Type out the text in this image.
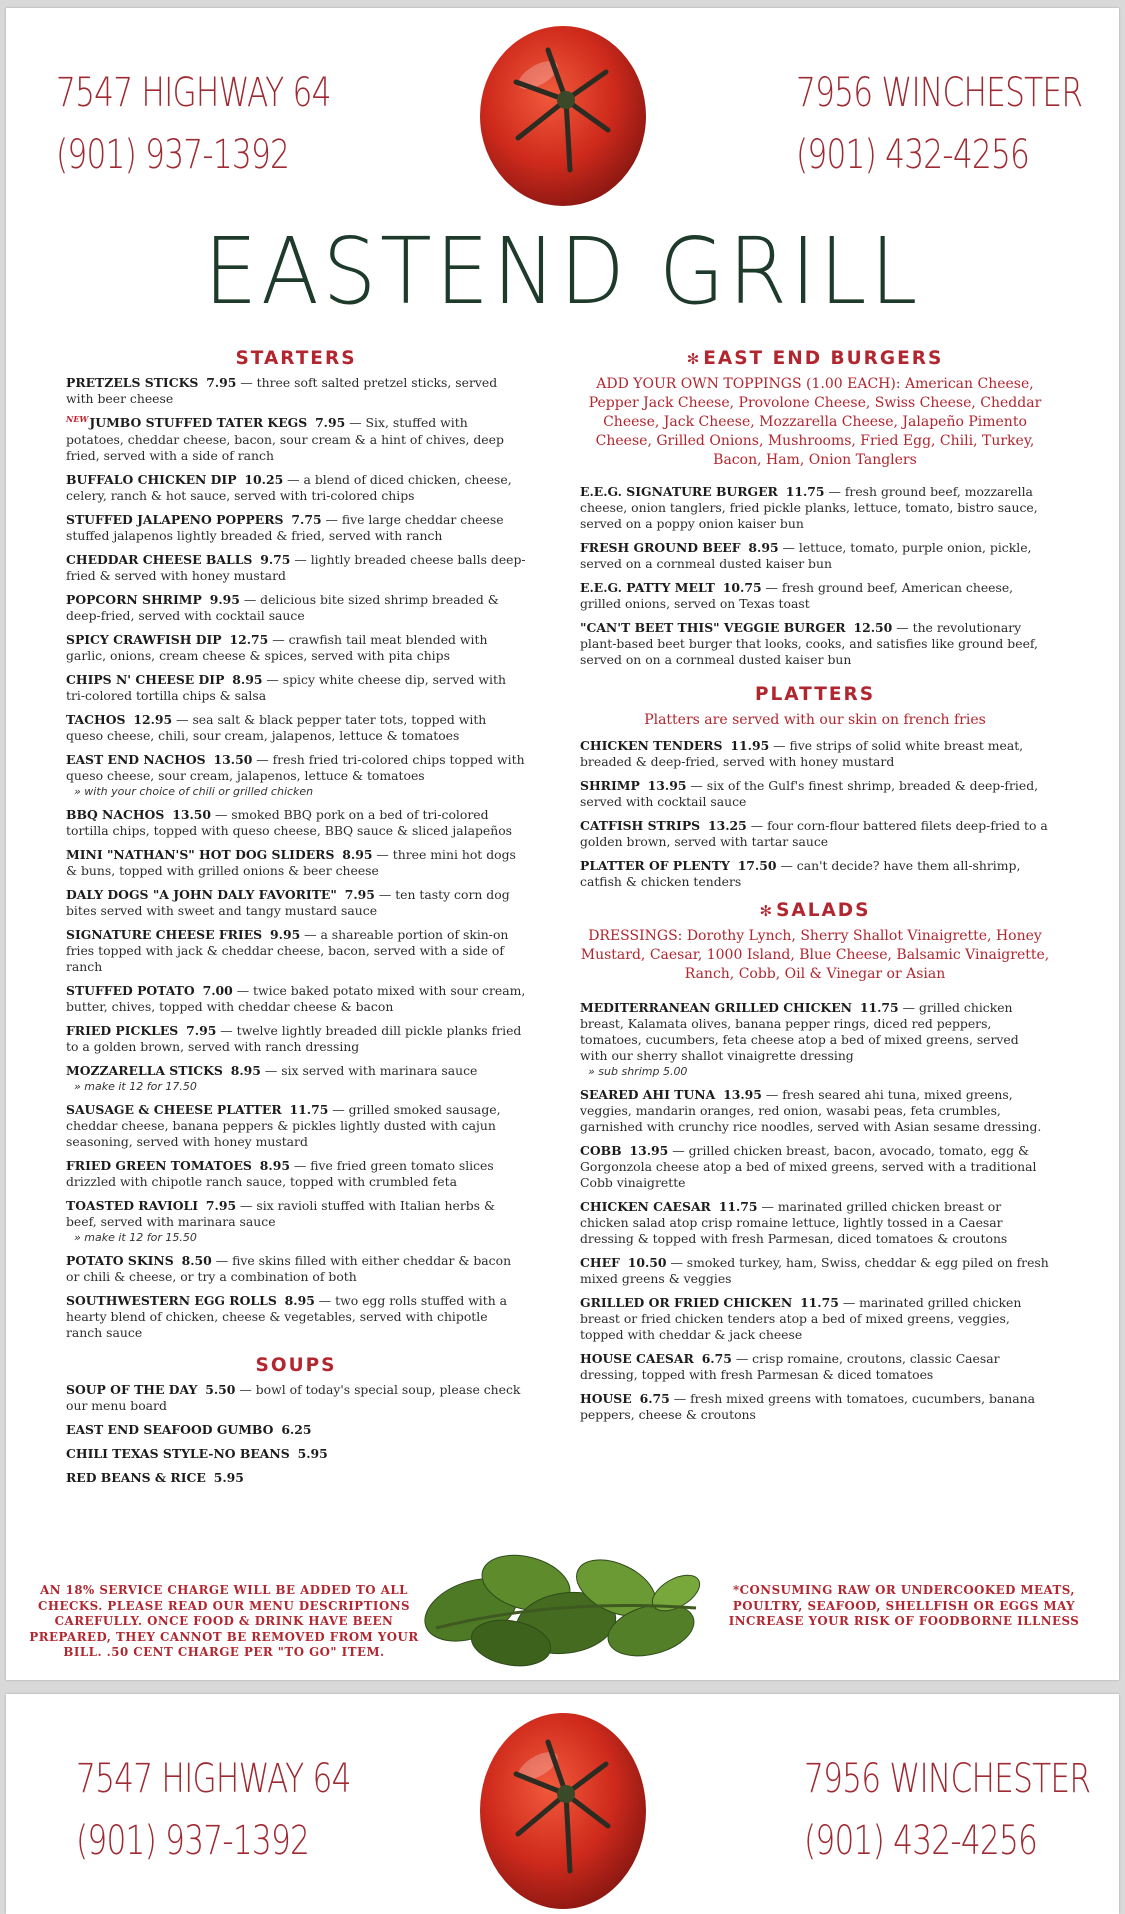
7547 HIGHWAY 64
(901) 937-1392
7956 WINCHESTER
(901) 432-4256
EASTEND GRILL
STARTERS
PRETZELS STICKS 7.95 — three soft salted pretzel sticks, served with beer cheese
$^{NEW}$JUMBO STUFFED TATER KEGS 7.95 — Six, stuffed with potatoes, cheddar cheese, bacon, sour cream & a hint of chives, deep fried, served with a side of ranch
BUFFALO CHICKEN DIP 10.25 — a blend of diced chicken, cheese, celery, ranch & hot sauce, served with tri-colored chips
STUFFED JALAPENO POPPERS 7.75 — five large cheddar cheese stuffed jalapenos lightly breaded & fried, served with ranch
CHEDDAR CHEESE BALLS 9.75 — lightly breaded cheese balls deep-fried & served with honey mustard
POPCORN SHRIMP 9.95 — delicious bite sized shrimp breaded & deep-fried, served with cocktail sauce
SPICY CRAWFISH DIP 12.75 — crawfish tail meat blended with garlic, onions, cream cheese & spices, served with pita chips
CHIPS N' CHEESE DIP 8.95 — spicy white cheese dip, served with tri-colored tortilla chips & salsa
TACHOS 12.95 — sea salt & black pepper tater tots, topped with queso cheese, chili, sour cream, jalapenos, lettuce & tomatoes
EAST END NACHOS 13.50 — fresh fried tri-colored chips topped with queso cheese, sour cream, jalapenos, lettuce & tomatoes
» with your choice of chili or grilled chicken
BBQ NACHOS 13.50 — smoked BBQ pork on a bed of tri-colored tortilla chips, topped with queso cheese, BBQ sauce & sliced jalapeños
MINI "NATHAN'S" HOT DOG SLIDERS 8.95 — three mini hot dogs & buns, topped with grilled onions & beer cheese
DALY DOGS "A JOHN DALY FAVORITE" 7.95 — ten tasty corn dog bites served with sweet and tangy mustard sauce
SIGNATURE CHEESE FRIES 9.95 — a shareable portion of skin-on fries topped with jack & cheddar cheese, bacon, served with a side of ranch
STUFFED POTATO 7.00 — twice baked potato mixed with sour cream, butter, chives, topped with cheddar cheese & bacon
FRIED PICKLES 7.95 — twelve lightly breaded dill pickle planks fried to a golden brown, served with ranch dressing
MOZZARELLA STICKS 8.95 — six served with marinara sauce
» make it 12 for 17.50
SAUSAGE & CHEESE PLATTER 11.75 — grilled smoked sausage, cheddar cheese, banana peppers & pickles lightly dusted with cajun seasoning, served with honey mustard
FRIED GREEN TOMATOES 8.95 — five fried green tomato slices drizzled with chipotle ranch sauce, topped with crumbled feta
TOASTED RAVIOLI 7.95 — six ravioli stuffed with Italian herbs & beef, served with marinara sauce
» make it 12 for 15.50
POTATO SKINS 8.50 — five skins filled with either cheddar & bacon or chili & cheese, or try a combination of both
SOUTHWESTERN EGG ROLLS 8.95 — two egg rolls stuffed with a hearty blend of chicken, cheese & vegetables, served with chipotle ranch sauce
SOUPS
SOUP OF THE DAY 5.50 — bowl of today's special soup, please check our menu board
EAST END SEAFOOD GUMBO 6.25
CHILI TEXAS STYLE-NO BEANS 5.95
RED BEANS & RICE 5.95
✻ EAST END BURGERS
ADD YOUR OWN TOPPINGS (1.00 EACH): American Cheese, Pepper Jack Cheese, Provolone Cheese, Swiss Cheese, Cheddar Cheese, Jack Cheese, Mozzarella Cheese, Jalapeño Pimento Cheese, Grilled Onions, Mushrooms, Fried Egg, Chili, Turkey, Bacon, Ham, Onion Tanglers
E.E.G. SIGNATURE BURGER 11.75 — fresh ground beef, mozzarella cheese, onion tanglers, fried pickle planks, lettuce, tomato, bistro sauce, served on a poppy onion kaiser bun
FRESH GROUND BEEF 8.95 — lettuce, tomato, purple onion, pickle, served on a cornmeal dusted kaiser bun
E.E.G. PATTY MELT 10.75 — fresh ground beef, American cheese, grilled onions, served on Texas toast
"CAN'T BEET THIS" VEGGIE BURGER 12.50 — the revolutionary plant-based beet burger that looks, cooks, and satisfies like ground beef, served on on a cornmeal dusted kaiser bun
PLATTERS
Platters are served with our skin on french fries
CHICKEN TENDERS 11.95 — five strips of solid white breast meat, breaded & deep-fried, served with honey mustard
SHRIMP 13.95 — six of the Gulf's finest shrimp, breaded & deep-fried, served with cocktail sauce
CATFISH STRIPS 13.25 — four corn-flour battered filets deep-fried to a golden brown, served with tartar sauce
PLATTER OF PLENTY 17.50 — can't decide? have them all-shrimp, catfish & chicken tenders
✻ SALADS
DRESSINGS: Dorothy Lynch, Sherry Shallot Vinaigrette, Honey Mustard, Caesar, 1000 Island, Blue Cheese, Balsamic Vinaigrette, Ranch, Cobb, Oil & Vinegar or Asian
MEDITERRANEAN GRILLED CHICKEN 11.75 — grilled chicken breast, Kalamata olives, banana pepper rings, diced red peppers, tomatoes, cucumbers, feta cheese atop a bed of mixed greens, served with our sherry shallot vinaigrette dressing
» sub shrimp 5.00
SEARED AHI TUNA 13.95 — fresh seared ahi tuna, mixed greens, veggies, mandarin oranges, red onion, wasabi peas, feta crumbles, garnished with crunchy rice noodles, served with Asian sesame dressing.
COBB 13.95 — grilled chicken breast, bacon, avocado, tomato, egg & Gorgonzola cheese atop a bed of mixed greens, served with a traditional Cobb vinaigrette
CHICKEN CAESAR 11.75 — marinated grilled chicken breast or chicken salad atop crisp romaine lettuce, lightly tossed in a Caesar dressing & topped with fresh Parmesan, diced tomatoes & croutons
CHEF 10.50 — smoked turkey, ham, Swiss, cheddar & egg piled on fresh mixed greens & veggies
GRILLED OR FRIED CHICKEN 11.75 — marinated grilled chicken breast or fried chicken tenders atop a bed of mixed greens, veggies, topped with cheddar & jack cheese
HOUSE CAESAR 6.75 — crisp romaine, croutons, classic Caesar dressing, topped with fresh Parmesan & diced tomatoes
HOUSE 6.75 — fresh mixed greens with tomatoes, cucumbers, banana peppers, cheese & croutons
AN 18% SERVICE CHARGE WILL BE ADDED TO ALL CHECKS. PLEASE READ OUR MENU DESCRIPTIONS CAREFULLY. ONCE FOOD & DRINK HAVE BEEN PREPARED, THEY CANNOT BE REMOVED FROM YOUR BILL. .50 CENT CHARGE PER "TO GO" ITEM.
*CONSUMING RAW OR UNDERCOOKED MEATS, POULTRY, SEAFOOD, SHELLFISH OR EGGS MAY INCREASE YOUR RISK OF FOODBORNE ILLNESS
7547 HIGHWAY 64
(901) 937-1392
7956 WINCHESTER
(901) 432-4256
